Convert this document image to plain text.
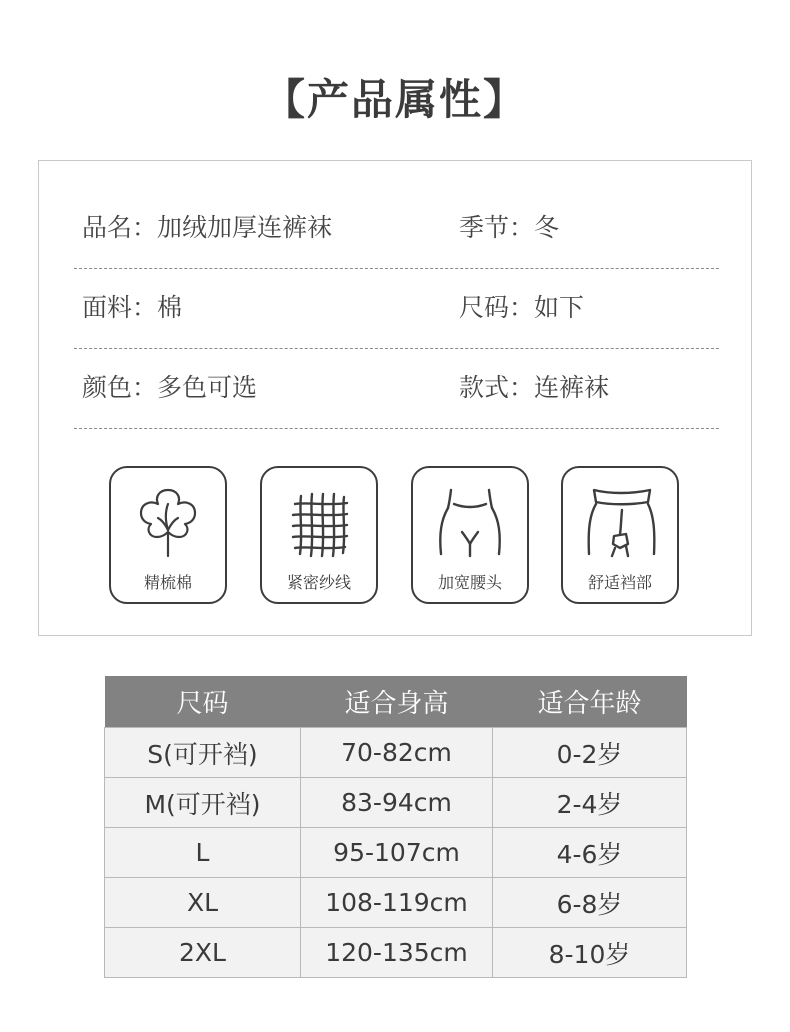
【产品属性】
品名：加绒加厚连裤袜	季节：冬
面料：棉	尺码：如下
颜色：多色可选	款式：连裤袜
精梳棉	紧密纱线	加宽腰头	舒适裆部
尺码	适合身高	适合年龄
S(可开裆)	70-82cm	0-2岁
M(可开裆)	83-94cm	2-4岁
L	95-107cm	4-6岁
XL	108-119cm	6-8岁
2XL	120-135cm	8-10岁
